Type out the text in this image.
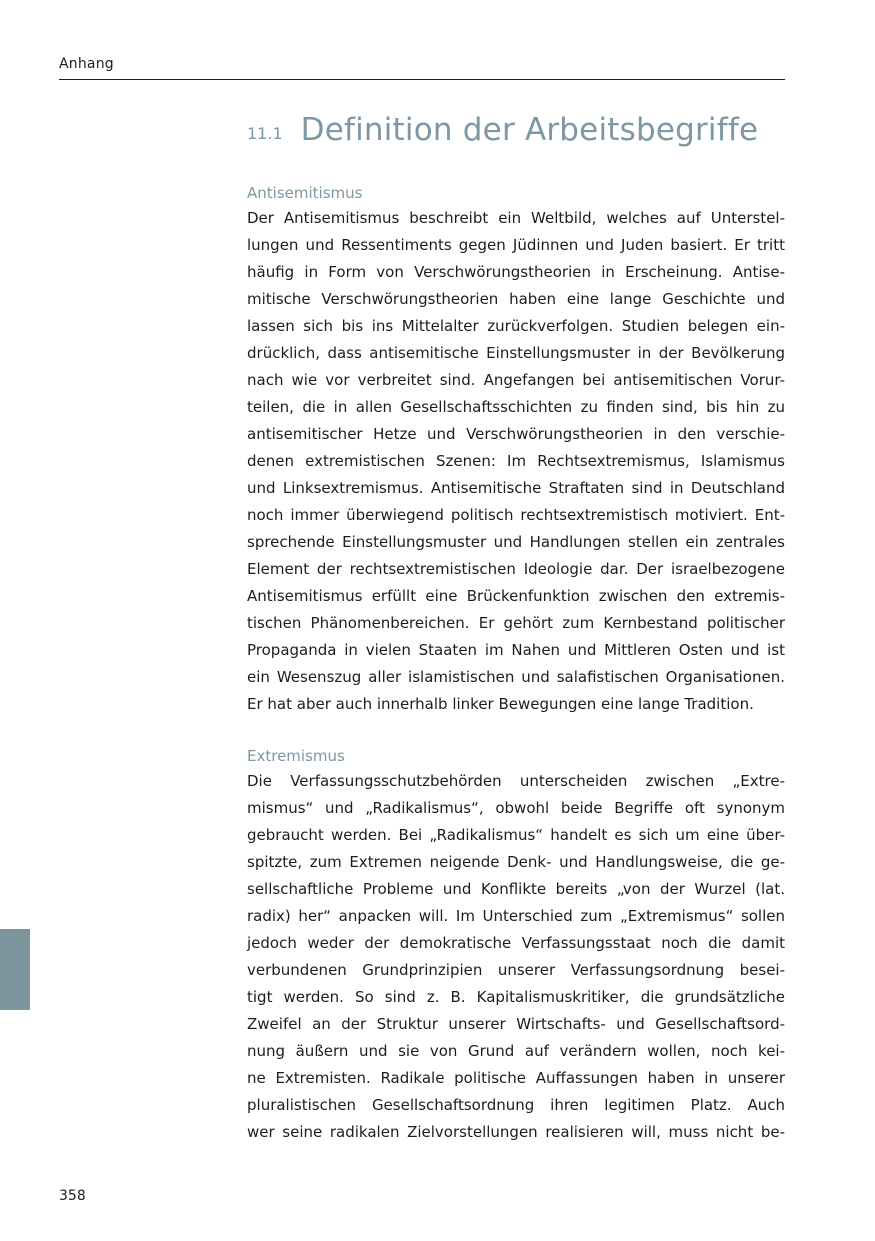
Anhang
11.1 Definition der Arbeitsbegriffe

Antisemitismus

Der Antisemitismus beschreibt ein Weltbild, welches auf Unterstel-
lungen und Ressentiments gegen Jüdinnen und Juden basiert. Er tritt
häufig in Form von Verschwörungstheorien in Erscheinung. Antise-
mitische Verschwörungstheorien haben eine lange Geschichte und
lassen sich bis ins Mittelalter zurückverfolgen. Studien belegen ein-
drücklich, dass antisemitische Einstellungsmuster in der Bevölkerung
nach wie vor verbreitet sind. Angefangen bei antisemitischen Vorur-
teilen, die in allen Gesellschaftsschichten zu finden sind, bis hin zu
antisemitischer Hetze und Verschwörungstheorien in den verschie-
denen extremistischen Szenen: Im Rechtsextremismus, Islamismus
und Linksextremismus. Antisemitische Straftaten sind in Deutschland
noch immer überwiegend politisch rechtsextremistisch motiviert. Ent-
sprechende Einstellungsmuster und Handlungen stellen ein zentrales
Element der rechtsextremistischen Ideologie dar. Der israelbezogene
Antisemitismus erfüllt eine Brückenfunktion zwischen den extremis-
tischen Phänomenbereichen. Er gehört zum Kernbestand politischer
Propaganda in vielen Staaten im Nahen und Mittleren Osten und ist
ein Wesenszug aller islamistischen und salafistischen Organisationen.
Er hat aber auch innerhalb linker Bewegungen eine lange Tradition.

Extremismus

Die Verfassungsschutzbehörden unterscheiden zwischen „Extre-
mismus“ und „Radikalismus“, obwohl beide Begriffe oft synonym
gebraucht werden. Bei „Radikalismus“ handelt es sich um eine über-
spitzte, zum Extremen neigende Denk- und Handlungsweise, die ge-
sellschaftliche Probleme und Konflikte bereits „von der Wurzel (lat.
radix) her“ anpacken will. Im Unterschied zum „Extremismus“ sollen
jedoch weder der demokratische Verfassungsstaat noch die damit
verbundenen Grundprinzipien unserer Verfassungsordnung besei-
tigt werden. So sind z. B. Kapitalismuskritiker, die grundsätzliche
Zweifel an der Struktur unserer Wirtschafts- und Gesellschaftsord-
nung äußern und sie von Grund auf verändern wollen, noch kei-
ne Extremisten. Radikale politische Auffassungen haben in unserer
pluralistischen Gesellschaftsordnung ihren legitimen Platz. Auch
wer seine radikalen Zielvorstellungen realisieren will, muss nicht be-
358
